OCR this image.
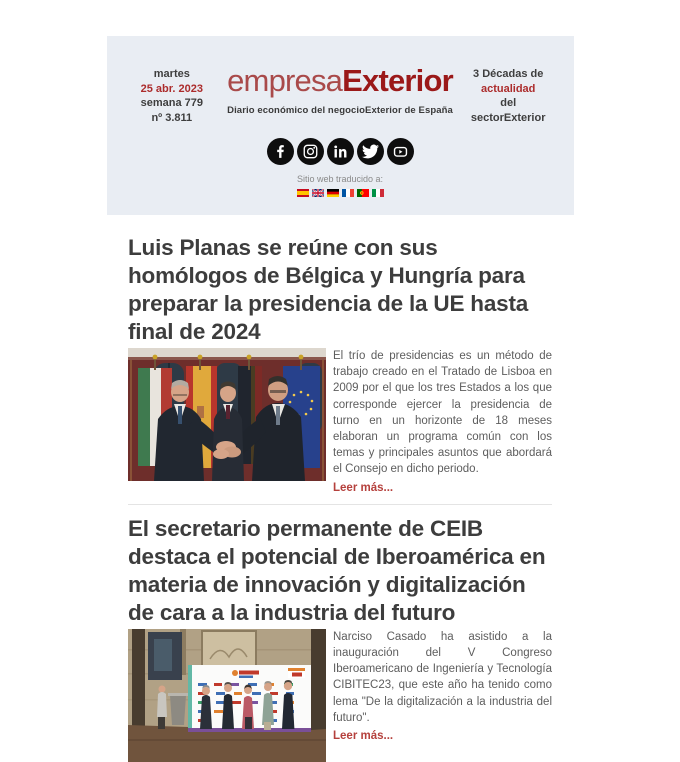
martes
25 abr. 2023
semana 779
nº 3.811
empresaExterior
Diario económico del negocioExterior de España
3 Décadas de
actualidad
del
sectorExterior
Sitio web traducido a:
Luis Planas se reúne con sus homólogos de Bélgica y Hungría para preparar la presidencia de la UE hasta final de 2024

El trío de presidencias es un método de trabajo creado en el Tratado de Lisboa en 2009 por el que los tres Estados a los que corresponde ejercer la presidencia de turno en un horizonte de 18 meses elaboran un programa común con los temas y principales asuntos que abordará el Consejo en dicho periodo.

Leer más...
El secretario permanente de CEIB destaca el potencial de Iberoamérica en materia de innovación y digitalización de cara a la industria del futuro

Narciso Casado ha asistido a la inauguración del V Congreso Iberoamericano de Ingeniería y Tecnología CIBITEC23, que este año ha tenido como lema "De la digitalización a la industria del futuro".

Leer más...
